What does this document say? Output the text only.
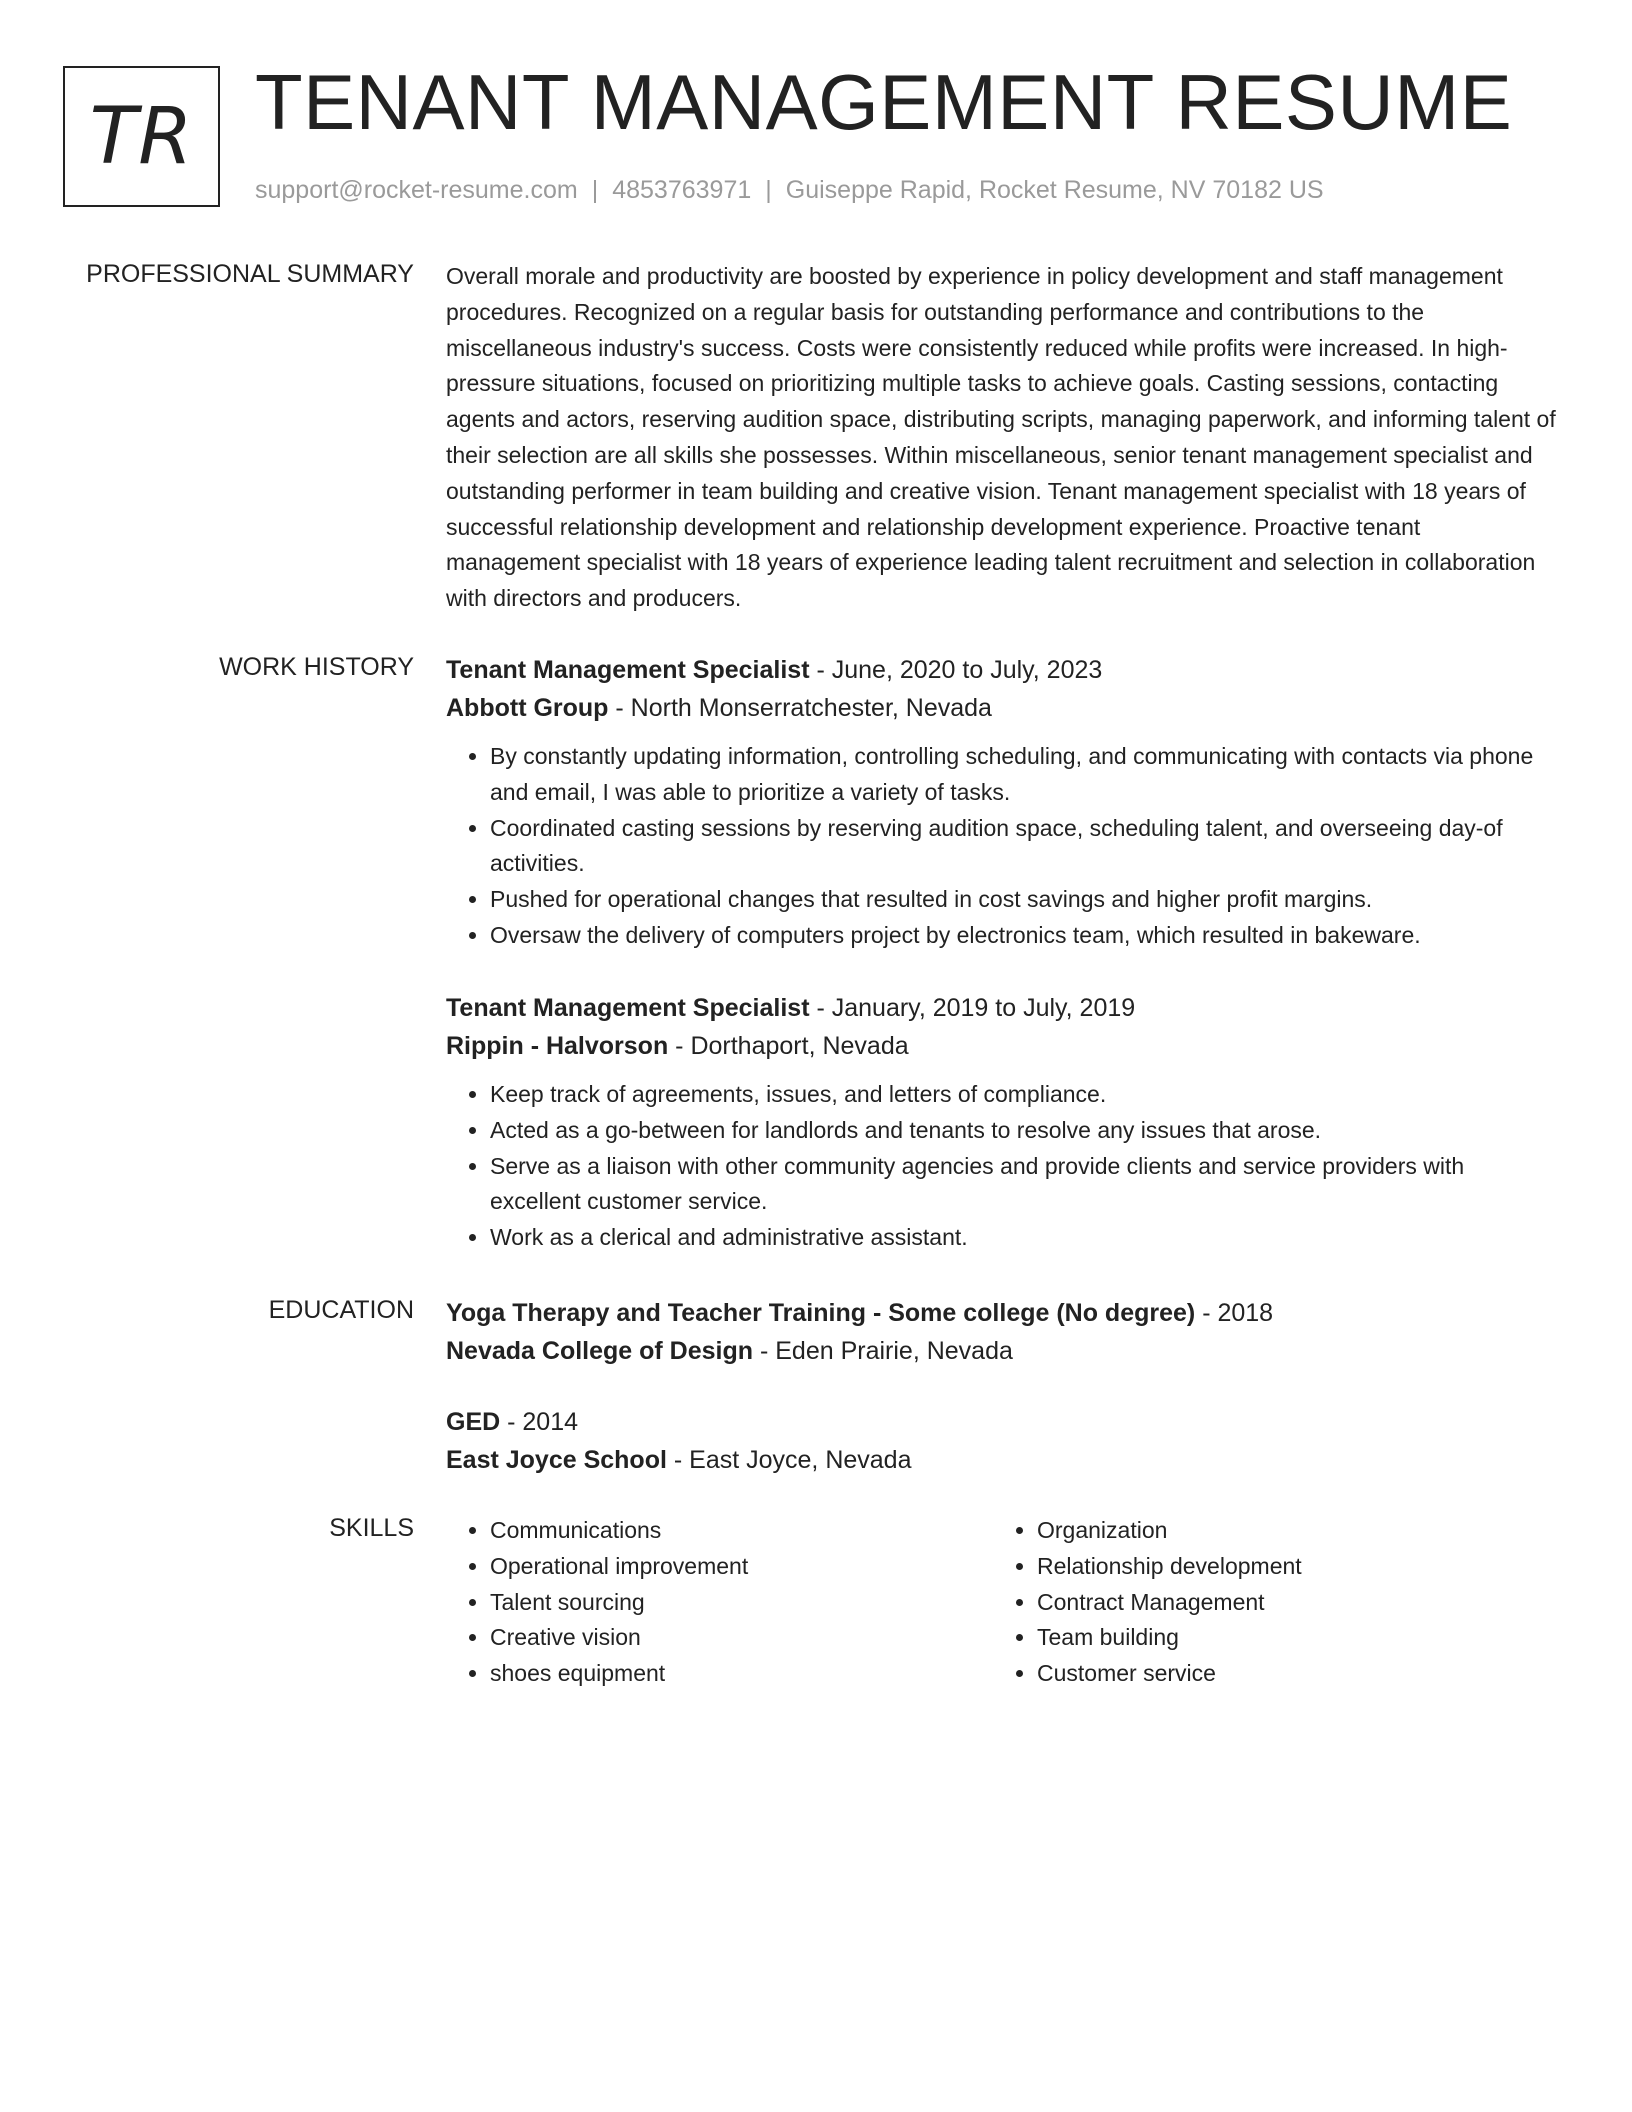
TR TENANT MANAGEMENT RESUME
support@rocket-resume.com | 4853763971 | Guiseppe Rapid, Rocket Resume, NV 70182 US
PROFESSIONAL SUMMARY Overall morale and productivity are boosted by experience in policy development and staff management procedures. Recognized on a regular basis for outstanding performance and contributions to the miscellaneous industry's success. Costs were consistently reduced while profits were increased. In high-pressure situations, focused on prioritizing multiple tasks to achieve goals. Casting sessions, contacting agents and actors, reserving audition space, distributing scripts, managing paperwork, and informing talent of their selection are all skills she possesses. Within miscellaneous, senior tenant management specialist and outstanding performer in team building and creative vision. Tenant management specialist with 18 years of successful relationship development and relationship development experience. Proactive tenant management specialist with 18 years of experience leading talent recruitment and selection in collaboration with directors and producers.

WORK HISTORY Tenant Management Specialist - June, 2020 to July, 2023
Abbott Group - North Monserratchester, Nevada
• By constantly updating information, controlling scheduling, and communicating with contacts via phone and email, I was able to prioritize a variety of tasks.
• Coordinated casting sessions by reserving audition space, scheduling talent, and overseeing day-of activities.
• Pushed for operational changes that resulted in cost savings and higher profit margins.
• Oversaw the delivery of computers project by electronics team, which resulted in bakeware.
Tenant Management Specialist - January, 2019 to July, 2019
Rippin - Halvorson - Dorthaport, Nevada
• Keep track of agreements, issues, and letters of compliance.
• Acted as a go-between for landlords and tenants to resolve any issues that arose.
• Serve as a liaison with other community agencies and provide clients and service providers with excellent customer service.
• Work as a clerical and administrative assistant.
EDUCATION Yoga Therapy and Teacher Training - Some college (No degree) - 2018
Nevada College of Design - Eden Prairie, Nevada
GED - 2014
East Joyce School - East Joyce, Nevada
SKILLS
•	Communications
• Operational improvement
• Talent sourcing
• Creative vision
• shoes equipment
• Organization
• Relationship development
• Contract Management
• Team building
• Customer service
